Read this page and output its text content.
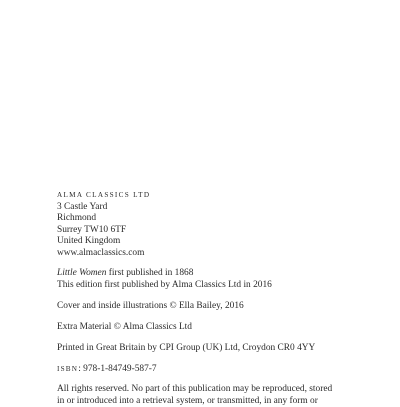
ALMA CLASSICS LTD
3 Castle Yard
Richmond
Surrey TW10 6TF
United Kingdom
www.almaclassics.com
Little Women first published in 1868
This edition first published by Alma Classics Ltd in 2016
Cover and inside illustrations © Ella Bailey, 2016
Extra Material © Alma Classics Ltd
Printed in Great Britain by CPI Group (UK) Ltd, Croydon CR0 4YY
ISBN: 978-1-84749-587-7
All rights reserved. No part of this publication may be reproduced, stored
in or introduced into a retrieval system, or transmitted, in any form or
